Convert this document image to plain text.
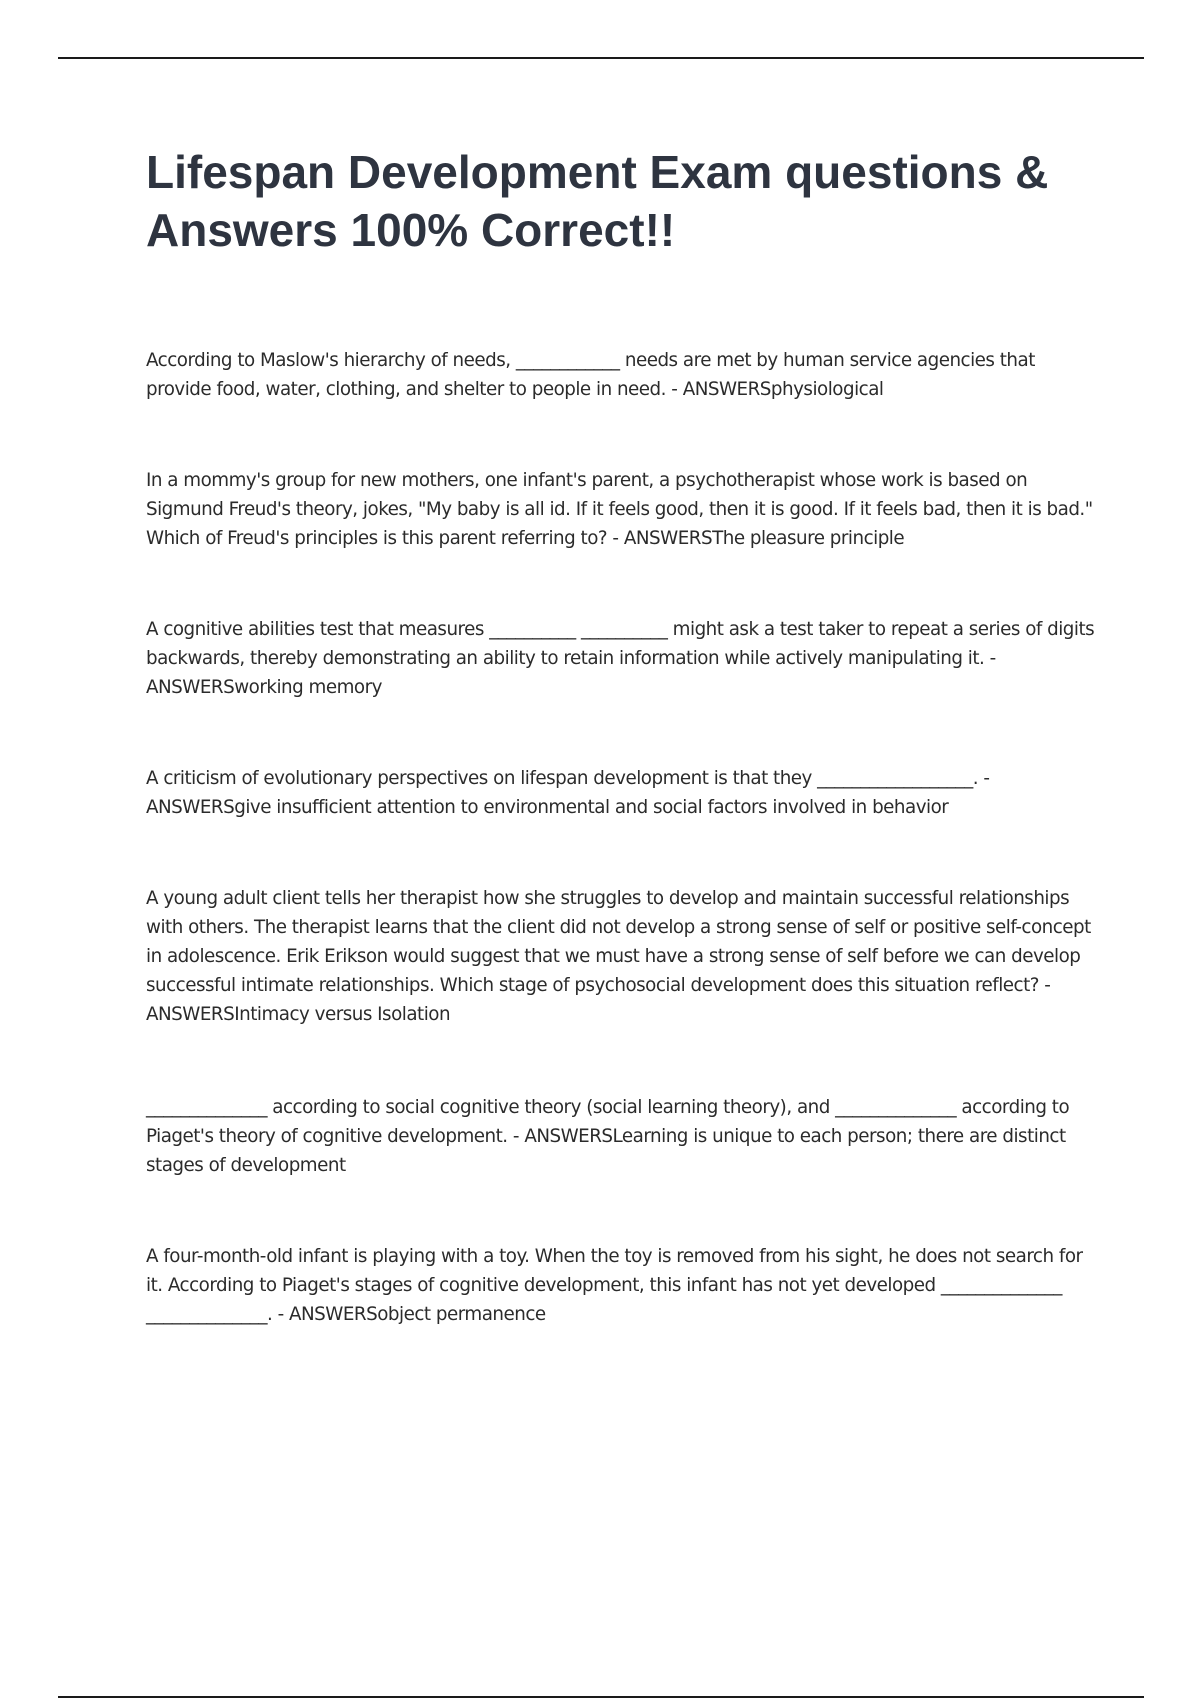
Lifespan Development Exam questions & Answers 100% Correct!!

According to Maslow's hierarchy of needs, ____________ needs are met by human service agencies that provide food, water, clothing, and shelter to people in need. - ANSWERSphysiological

In a mommy's group for new mothers, one infant's parent, a psychotherapist whose work is based on Sigmund Freud's theory, jokes, "My baby is all id. If it feels good, then it is good. If it feels bad, then it is bad." Which of Freud's principles is this parent referring to? - ANSWERSThe pleasure principle

A cognitive abilities test that measures __________ __________ might ask a test taker to repeat a series of digits backwards, thereby demonstrating an ability to retain information while actively manipulating it. - ANSWERSworking memory

A criticism of evolutionary perspectives on lifespan development is that they __________________. - ANSWERSgive insufficient attention to environmental and social factors involved in behavior

A young adult client tells her therapist how she struggles to develop and maintain successful relationships with others. The therapist learns that the client did not develop a strong sense of self or positive self-concept in adolescence. Erik Erikson would suggest that we must have a strong sense of self before we can develop successful intimate relationships. Which stage of psychosocial development does this situation reflect? - ANSWERSIntimacy versus Isolation

______________ according to social cognitive theory (social learning theory), and ______________ according to Piaget's theory of cognitive development. - ANSWERSLearning is unique to each person; there are distinct stages of development

A four-month-old infant is playing with a toy. When the toy is removed from his sight, he does not search for it. According to Piaget's stages of cognitive development, this infant has not yet developed ______________ ______________. - ANSWERSobject permanence
